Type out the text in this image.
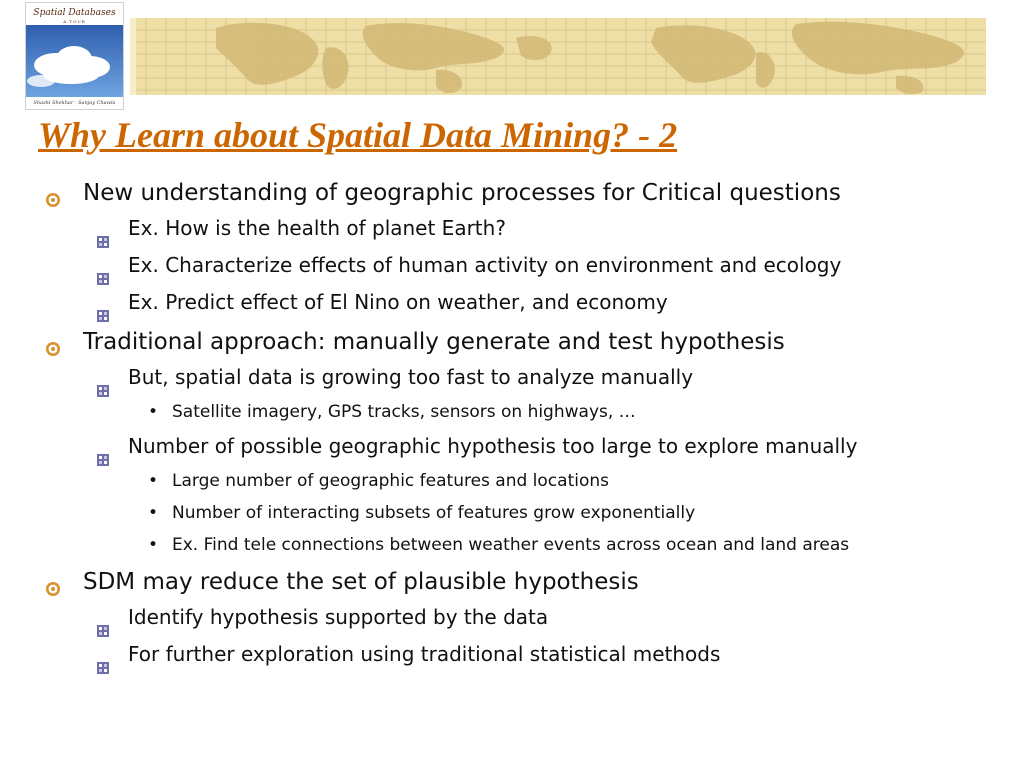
Spatial Databases
A TOUR
Shashi Shekhar · Sanjay Chawla
Why Learn about Spatial Data Mining? - 2
New understanding of geographic processes for Critical questions
Ex. How is the health of planet Earth?
Ex. Characterize effects of human activity on environment and ecology
Ex. Predict effect of El Nino on weather, and economy
Traditional approach: manually generate and test hypothesis
But, spatial data is growing too fast to analyze manually
• Satellite imagery, GPS tracks, sensors on highways, …
Number of possible geographic hypothesis too large to explore manually
• Large number of geographic features and locations
• Number of interacting subsets of features grow exponentially
• Ex. Find tele connections between weather events across ocean and land areas
SDM may reduce the set of plausible hypothesis
Identify hypothesis supported by the data
For further exploration using traditional statistical methods
